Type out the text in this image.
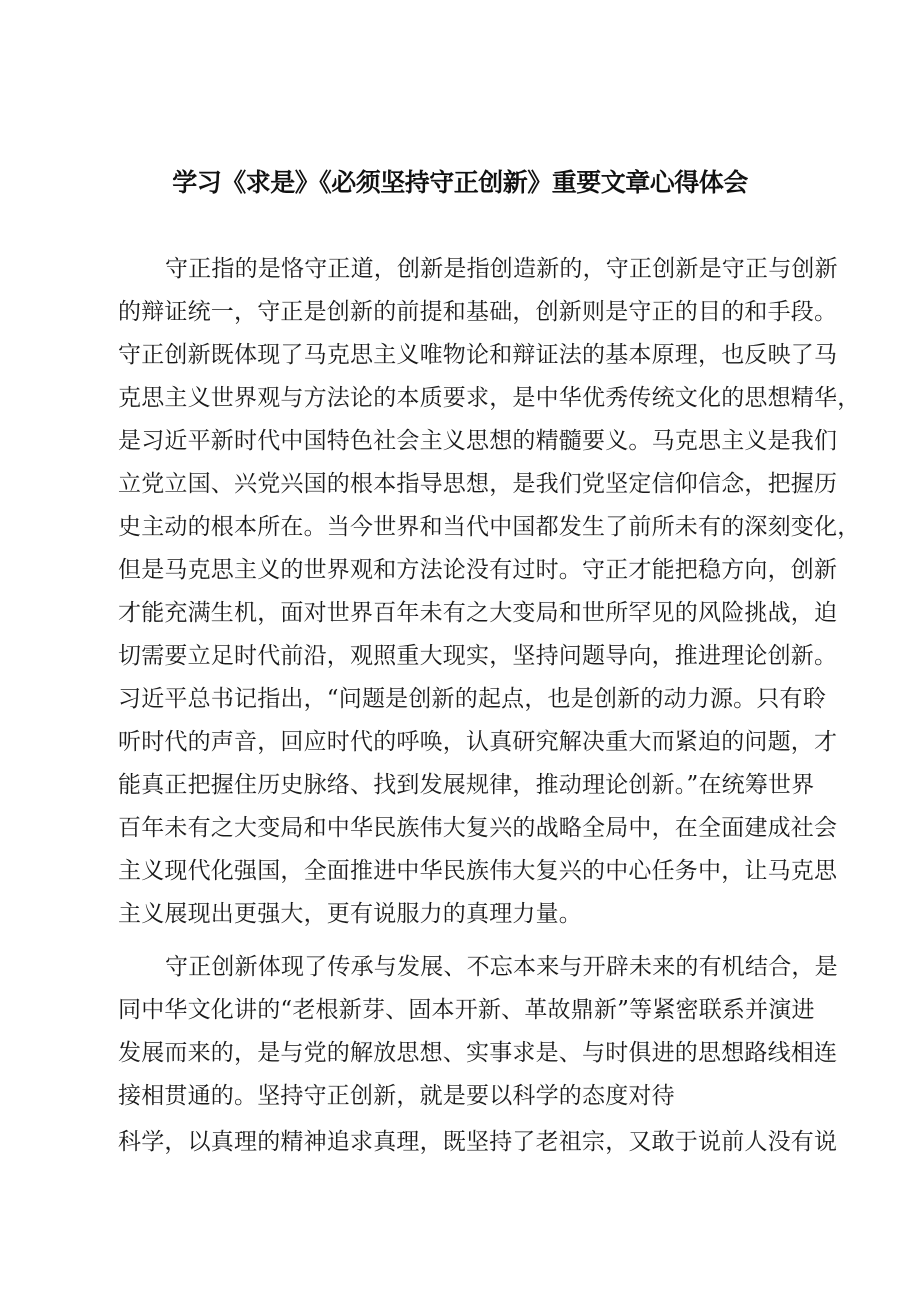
学习《求是》《必须坚持守正创新》重要文章心得体会
守正指的是恪守正道，创新是指创造新的，守正创新是守正与创新
的辩证统一，守正是创新的前提和基础，创新则是守正的目的和手段。
守正创新既体现了马克思主义唯物论和辩证法的基本原理，也反映了马
克思主义世界观与方法论的本质要求，是中华优秀传统文化的思想精华，
是习近平新时代中国特色社会主义思想的精髓要义。马克思主义是我们
立党立国、兴党兴国的根本指导思想，是我们党坚定信仰信念，把握历
史主动的根本所在。当今世界和当代中国都发生了前所未有的深刻变化，
但是马克思主义的世界观和方法论没有过时。守正才能把稳方向，创新
才能充满生机，面对世界百年未有之大变局和世所罕见的风险挑战，迫
切需要立足时代前沿，观照重大现实，坚持问题导向，推进理论创新。
习近平总书记指出，“问题是创新的起点，也是创新的动力源。只有聆
听时代的声音，回应时代的呼唤，认真研究解决重大而紧迫的问题，才
能真正把握住历史脉络、找到发展规律，推动理论创新。”在统筹世界
百年未有之大变局和中华民族伟大复兴的战略全局中，在全面建成社会
主义现代化强国，全面推进中华民族伟大复兴的中心任务中，让马克思
主义展现出更强大，更有说服力的真理力量。
守正创新体现了传承与发展、不忘本来与开辟未来的有机结合，是
同中华文化讲的“老根新芽、固本开新、革故鼎新”等紧密联系并演进
发展而来的，是与党的解放思想、实事求是、与时俱进的思想路线相连
接相贯通的。坚持守正创新，就是要以科学的态度对待
科学，以真理的精神追求真理，既坚持了老祖宗，又敢于说前人没有说
